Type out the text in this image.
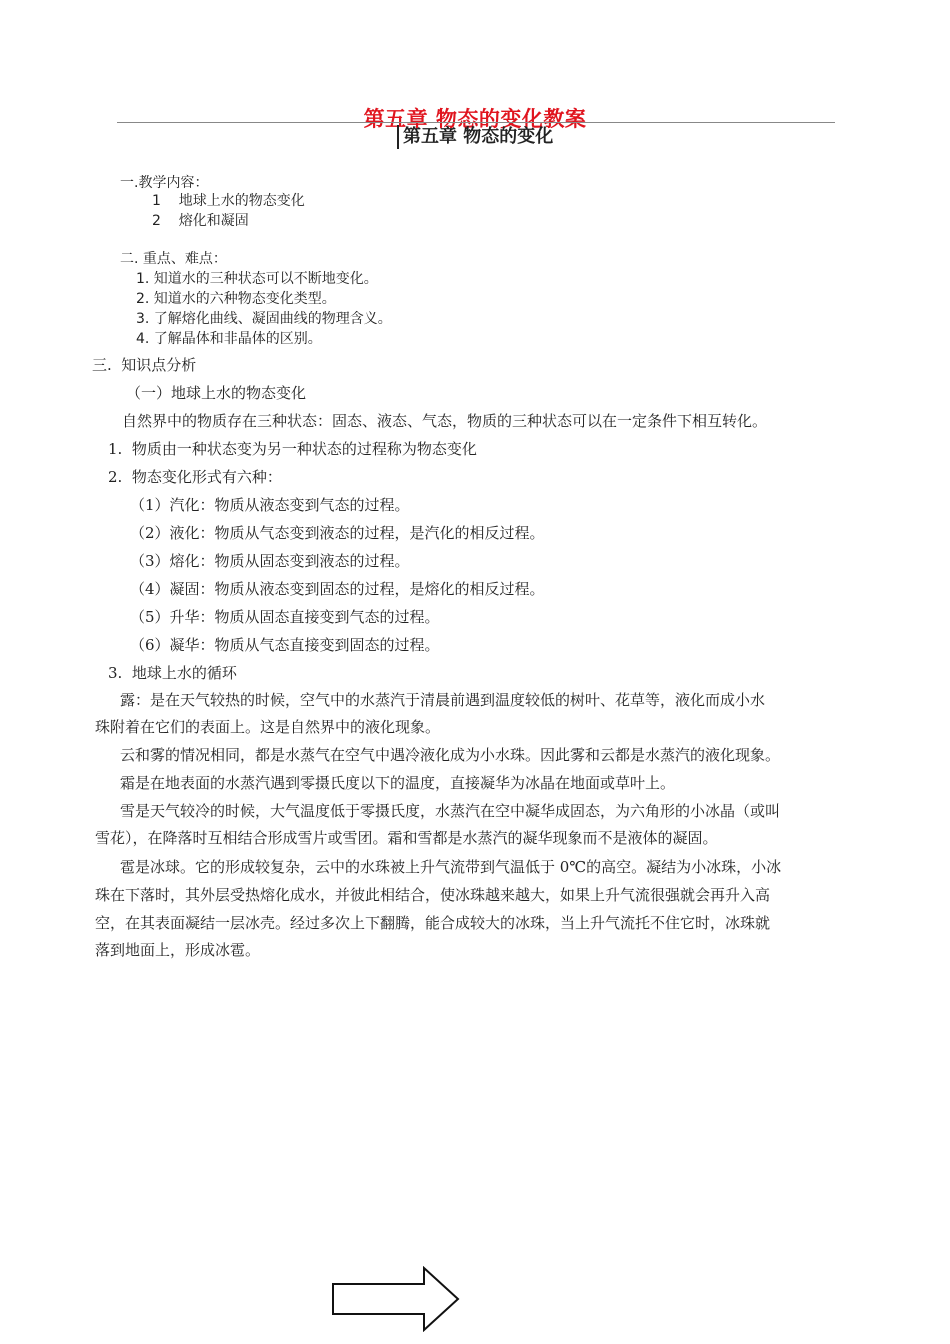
第五章 物态的变化教案
第五章 物态的变化
一.教学内容：
1    地球上水的物态变化
2    熔化和凝固
二. 重点、难点：
1. 知道水的三种状态可以不断地变化。
2. 知道水的六种物态变化类型。
3. 了解熔化曲线、凝固曲线的物理含义。
4. 了解晶体和非晶体的区别。
三.  知识点分析
（一）地球上水的物态变化
自然界中的物质存在三种状态：固态、液态、气态，物质的三种状态可以在一定条件下相互转化。
1.  物质由一种状态变为另一种状态的过程称为物态变化
2.  物态变化形式有六种：
（1）汽化：物质从液态变到气态的过程。
（2）液化：物质从气态变到液态的过程，是汽化的相反过程。
（3）熔化：物质从固态变到液态的过程。
（4）凝固：物质从液态变到固态的过程，是熔化的相反过程。
（5）升华：物质从固态直接变到气态的过程。
（6）凝华：物质从气态直接变到固态的过程。
3.  地球上水的循环
露：是在天气较热的时候，空气中的水蒸汽于清晨前遇到温度较低的树叶、花草等，液化而成小水
珠附着在它们的表面上。这是自然界中的液化现象。
云和雾的情况相同，都是水蒸气在空气中遇冷液化成为小水珠。因此雾和云都是水蒸汽的液化现象。
霜是在地表面的水蒸汽遇到零摄氏度以下的温度，直接凝华为冰晶在地面或草叶上。
雪是天气较冷的时候，大气温度低于零摄氏度，水蒸汽在空中凝华成固态，为六角形的小冰晶（或叫
雪花），在降落时互相结合形成雪片或雪团。霜和雪都是水蒸汽的凝华现象而不是液体的凝固。
雹是冰球。它的形成较复杂，云中的水珠被上升气流带到气温低于 0℃的高空。凝结为小冰珠，小冰
珠在下落时，其外层受热熔化成水，并彼此相结合，使冰珠越来越大，如果上升气流很强就会再升入高
空，在其表面凝结一层冰壳。经过多次上下翻腾，能合成较大的冰珠，当上升气流托不住它时，冰珠就
落到地面上，形成冰雹。
